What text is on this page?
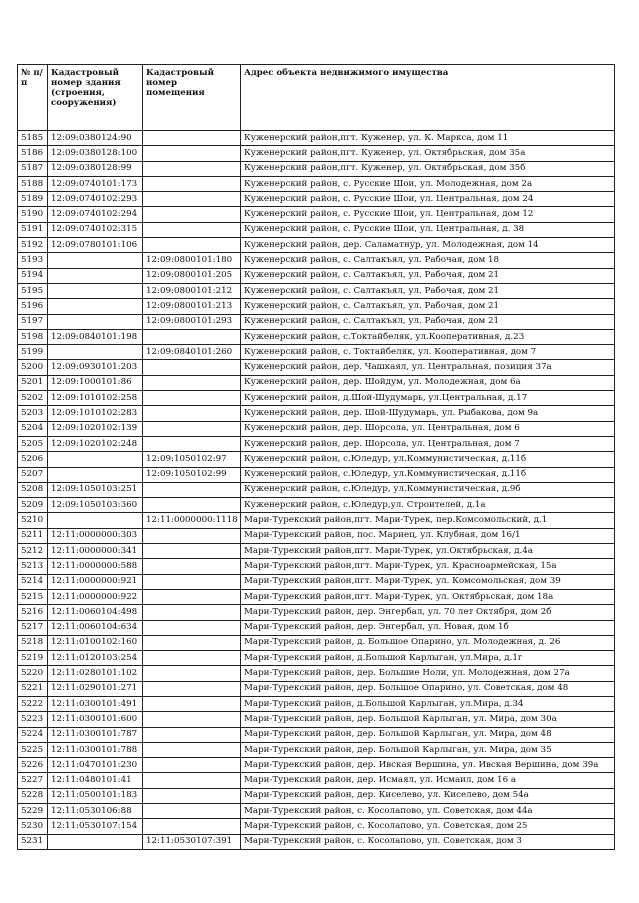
№ п/п	Кадастровый номер здания (строения, сооружения)	Кадастровый номер помещения	Адрес объекта недвижимого имущества
5185	12:09:0380124:90		Куженерский район,пгт. Куженер, ул. К. Маркса, дом 11
5186	12:09:0380128:100		Куженерский район,пгт. Куженер, ул. Октябрьская, дом 35а
5187	12:09:0380128:99		Куженерский район,пгт. Куженер, ул. Октябрьская, дом 35б
5188	12:09:0740101:173		Куженерский район, с. Русские Шои, ул. Молодежная, дом 2а
5189	12:09:0740102:293		Куженерский район, с. Русские Шои, ул. Центральная, дом 24
5190	12:09:0740102:294		Куженерский район, с. Русские Шои, ул. Центральная, дом 12
5191	12:09:0740102:315		Куженерский район, с. Русские Шои, ул. Центральная, д. 38
5192	12:09:0780101:106		Куженерский район, дер. Саламатнур, ул. Молодежная, дом 14
5193		12:09:0800101:180	Куженерский район, с. Салтакъял, ул. Рабочая, дом 18
5194		12:09:0800101:205	Куженерский район, с. Салтакъял, ул. Рабочая, дом 21
5195		12:09:0800101:212	Куженерский район, с. Салтакъял, ул. Рабочая, дом 21
5196		12:09:0800101:213	Куженерский район, с. Салтакъял, ул. Рабочая, дом 21
5197		12:09:0800101:293	Куженерский район, с. Салтакъял, ул. Рабочая, дом 21
5198	12:09:0840101:198		Куженерский район, с.Токтайбеляк, ул.Кооперативная, д.23
5199		12:09:0840101:260	Куженерский район, с. Токтайбеляк, ул. Кооперативная, дом 7
5200	12:09:0930101:203		Куженерский район, дер. Чашкаял, ул. Центральная, позиция 37а
5201	12:09:1000101:86		Куженерский район, дер. Шойдум, ул. Молодежная, дом 6а
5202	12:09:1010102:258		Куженерский район, д.Шой-Шудумарь, ул.Центральная, д.17
5203	12:09:1010102:283		Куженерский район, дер. Шой-Шудумарь, ул. Рыбакова, дом 9а
5204	12:09:1020102:139		Куженерский район, дер. Шорсола, ул. Центральная, дом 6
5205	12:09:1020102:248		Куженерский район, дер. Шорсола, ул. Центральная, дом 7
5206		12:09:1050102:97	Куженерский район, с.Юледур, ул.Коммунистическая, д.11б
5207		12:09:1050102:99	Куженерский район, с.Юледур, ул.Коммунистическая, д.11б
5208	12:09:1050103:251		Куженерский район, с.Юледур, ул.Коммунистическая, д.9б
5209	12:09:1050103:360		Куженерский район, с.Юледур,ул. Строителей, д.1а
5210		12:11:0000000:1118	Мари-Турекский район,пгт. Мари-Турек, пер.Комсомольский, д.1
5211	12:11:0000000:303		Мари-Турекский район, пос. Мариец, ул. Клубная, дом 16/1
5212	12:11:0000000:341		Мари-Турекский район,пгт. Мари-Турек, ул.Октябрьская, д.4а
5213	12:11:0000000:588		Мари-Турекский район,пгт. Мари-Турек, ул. Красноармейская, 15а
5214	12:11:0000000:921		Мари-Турекский район,пгт. Мари-Турек, ул. Комсомольская, дом 39
5215	12:11:0000000:922		Мари-Турекский район,пгт. Мари-Турек, ул. Октябрьская, дом 18а
5216	12:11:0060104:498		Мари-Турекский район, дер. Энгербал, ул. 70 лет Октября, дом 2б
5217	12:11:0060104:634		Мари-Турекский район, дер. Энгербал, ул. Новая, дом 1б
5218	12:11:0100102:160		Мари-Турекский район, д. Большое Опарино, ул. Молодежная, д. 26
5219	12:11:0120103:254		Мари-Турекский район, д.Большой Карлыган, ул.Мира, д.1г
5220	12:11:0280101:102		Мари-Турекский район, дер. Большие Ноли, ул. Молодежная, дом 27а
5221	12:11:0290101:271		Мари-Турекский район, дер. Большое Опарино, ул. Советская, дом 48
5222	12:11:0300101:491		Мари-Турекский район, д.Большой Карлыган, ул.Мира, д.34
5223	12:11:0300101:600		Мари-Турекский район, дер. Большой Карлыган, ул. Мира, дом 30а
5224	12:11:0300101:787		Мари-Турекский район, дер. Большой Карлыган, ул. Мира, дом 48
5225	12:11:0300101:788		Мари-Турекский район, дер. Большой Карлыган, ул. Мира, дом 35
5226	12:11:0470101:230		Мари-Турекский район, дер. Ивская Вершина, ул. Ивская Вершина, дом 39а
5227	12:11:0480101:41		Мари-Турекский район, дер. Исмаял, ул. Исмаил, дом 16 а
5228	12:11:0500101:183		Мари-Турекский район, дер. Киселево, ул. Киселево, дом 54а
5229	12:11:0530106:88		Мари-Турекский район, с. Косолапово, ул. Советская, дом 44а
5230	12:11:0530107:154		Мари-Турекский район, с. Косолапово, ул. Советская, дом 25
5231		12:11:0530107:391	Мари-Турекский район, с. Косолапово, ул. Советская, дом 3
